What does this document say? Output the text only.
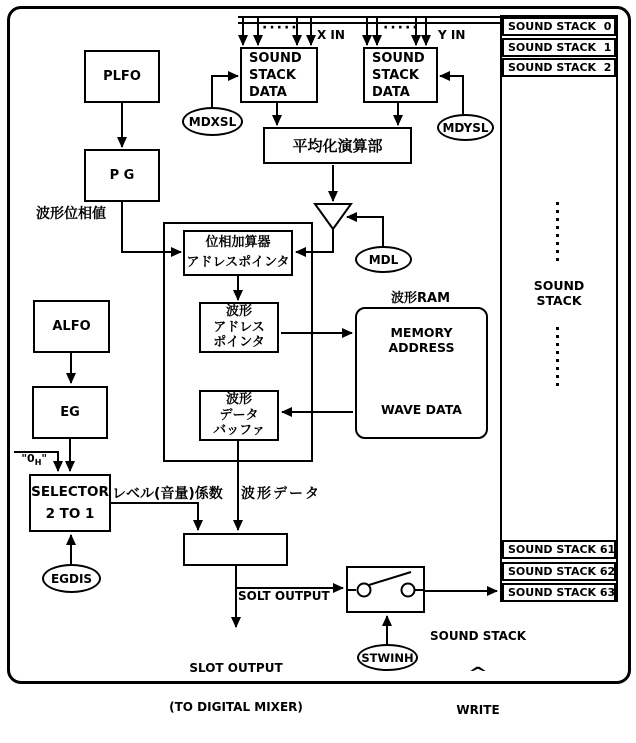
PLFO
P G
SOUND
STACK
DATA
SOUND
STACK
DATA
平均化演算部
位相加算器
アドレスポインタ
波形
アドレス
ポインタ
波形
データ
バッファ
MEMORY ADDRESS
WAVE DATA
ALFO
EG
SELECTOR
2 TO 1
SOUND STACK  0
SOUND STACK  1
SOUND STACK  2
SOUND
STACK
SOUND STACK 61
SOUND STACK 62
SOUND STACK 63
MDXSL	MDYSL
MDL
EGDIS
STWINH
X IN	Y IN
·····	·····
波形位相値
波形RAM

"$0_H$"

レベル(音量)係数 波形データ
SOLT OUTPUT

SLOT OUTPUT

(TO DIGITAL MIXER)

SOUND STACK

^

WRITE
